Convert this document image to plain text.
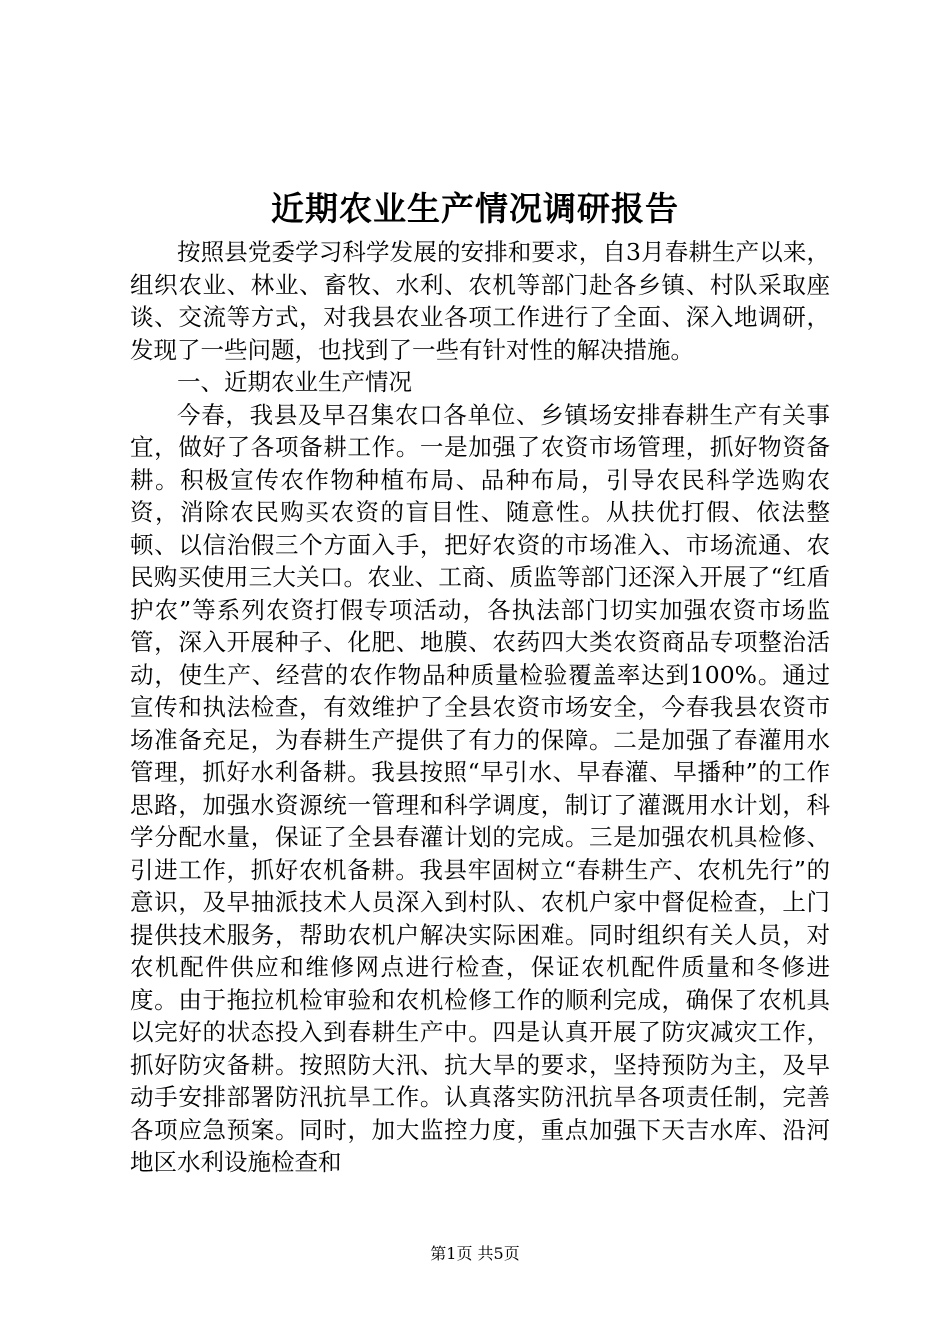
近期农业生产情况调研报告

按照县党委学习科学发展的安排和要求，自3月春耕生产以来，组织农业、林业、畜牧、水利、农机等部门赴各乡镇、村队采取座谈、交流等方式，对我县农业各项工作进行了全面、深入地调研，发现了一些问题，也找到了一些有针对性的解决措施。

一、近期农业生产情况

今春，我县及早召集农口各单位、乡镇场安排春耕生产有关事宜，做好了各项备耕工作。一是加强了农资市场管理，抓好物资备耕。积极宣传农作物种植布局、品种布局，引导农民科学选购农资，消除农民购买农资的盲目性、随意性。从扶优打假、依法整顿、以信治假三个方面入手，把好农资的市场准入、市场流通、农民购买使用三大关口。农业、工商、质监等部门还深入开展了“红盾护农”等系列农资打假专项活动，各执法部门切实加强农资市场监管，深入开展种子、化肥、地膜、农药四大类农资商品专项整治活动，使生产、经营的农作物品种质量检验覆盖率达到100%。通过宣传和执法检查，有效维护了全县农资市场安全，今春我县农资市场准备充足，为春耕生产提供了有力的保障。二是加强了春灌用水管理，抓好水利备耕。我县按照“早引水、早春灌、早播种”的工作思路，加强水资源统一管理和科学调度，制订了灌溉用水计划，科学分配水量，保证了全县春灌计划的完成。三是加强农机具检修、引进工作，抓好农机备耕。我县牢固树立“春耕生产、农机先行”的意识，及早抽派技术人员深入到村队、农机户家中督促检查，上门提供技术服务，帮助农机户解决实际困难。同时组织有关人员，对农机配件供应和维修网点进行检查，保证农机配件质量和冬修进度。由于拖拉机检审验和农机检修工作的顺利完成，确保了农机具以完好的状态投入到春耕生产中。四是认真开展了防灾减灾工作，抓好防灾备耕。按照防大汛、抗大旱的要求，坚持预防为主，及早动手安排部署防汛抗旱工作。认真落实防汛抗旱各项责任制，完善各项应急预案。同时，加大监控力度，重点加强下天吉水库、沿河地区水利设施检查和

第1页 共5页
